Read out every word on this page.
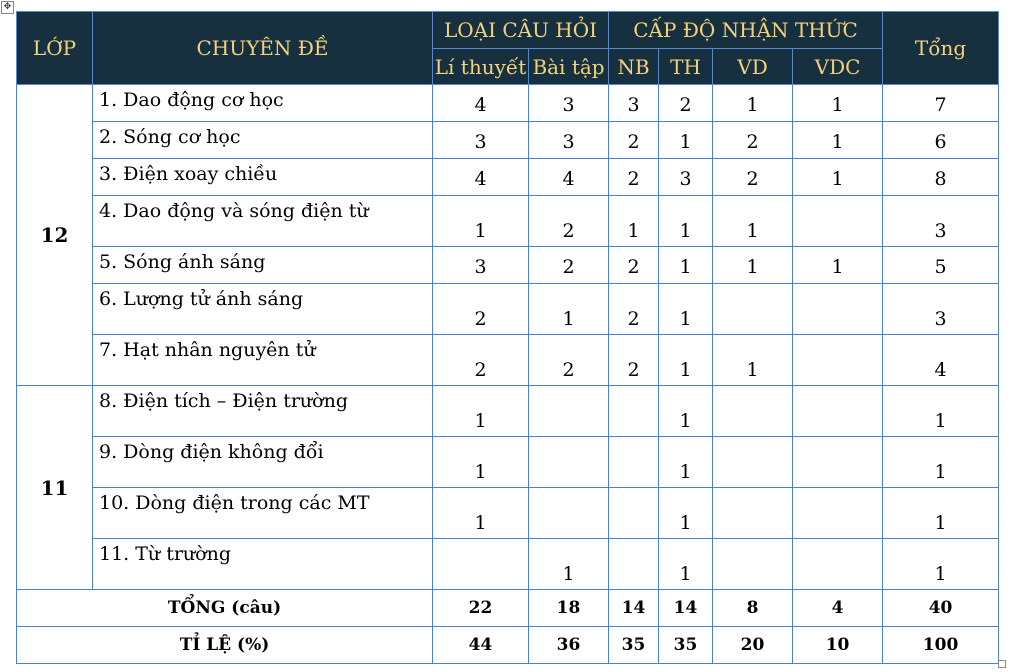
✥
LỚP	CHUYÊN ĐỀ	LOẠI CÂU HỎI		CẤP ĐỘ NHẬN THỨC				Tổng
		Lí thuyết	Bài tập	NB	TH	VD	VDC	
12	1. Dao động cơ học	4	3	3	2	1	1	7
	2. Sóng cơ học	3	3	2	1	2	1	6
	3. Điện xoay chiều	4	4	2	3	2	1	8
	4. Dao động và sóng điện từ	1	2	1	1	1		3
	5. Sóng ánh sáng	3	2	2	1	1	1	5
	6. Lượng tử ánh sáng	2	1	2	1			3
	7. Hạt nhân nguyên tử	2	2	2	1	1		4
11	8. Điện tích – Điện trường	1			1			1
	9. Dòng điện không đổi	1			1			1
	10. Dòng điện trong các MT	1			1			1
	11. Từ trường		1		1			1
TỔNG (câu)		22	18	14	14	8	4	40
TỈ LỆ (%)		44	36	35	35	20	10	100
